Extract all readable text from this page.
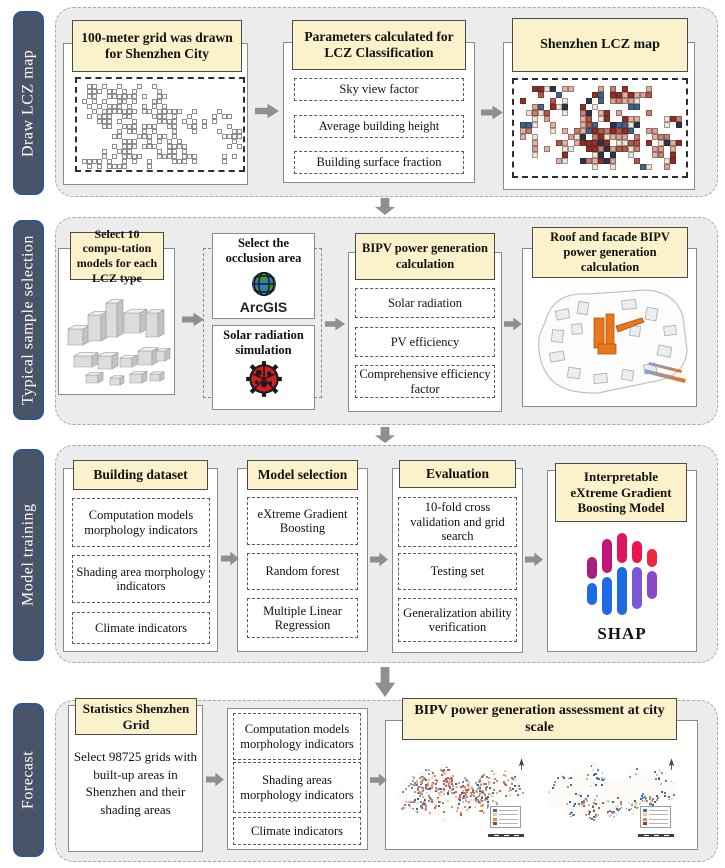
Draw LCZ map
100-meter grid was drawn for Shenzhen City
Parameters calculated for LCZ Classification
Sky view factor
Average building height
Building surface fraction
Shenzhen LCZ map
Typical sample selection
Select 10 compu-tation models for each LCZ type
Select the occlusion area
ArcGIS
Solar radiation simulation
BIPV power generation calculation
Solar radiation
PV efficiency
Comprehensive efficiency factor
Roof and facade BIPV power generation calculation
Model training
Building dataset
Computation models morphology indicators
Shading area morphology indicators
Climate indicators
Model selection
eXtreme Gradient Boosting
Random forest
Multiple Linear Regression
Evaluation
10-fold cross validation and grid search
Testing set
Generalization ability verification
Interpretable eXtreme Gradient Boosting Model
SHAP
Forecast
Statistics Shenzhen Grid
Select 98725 grids with built-up areas in Shenzhen and their shading areas
Computation models morphology indicators
Shading areas morphology indicators
Climate indicators
BIPV power generation assessment at city scale
